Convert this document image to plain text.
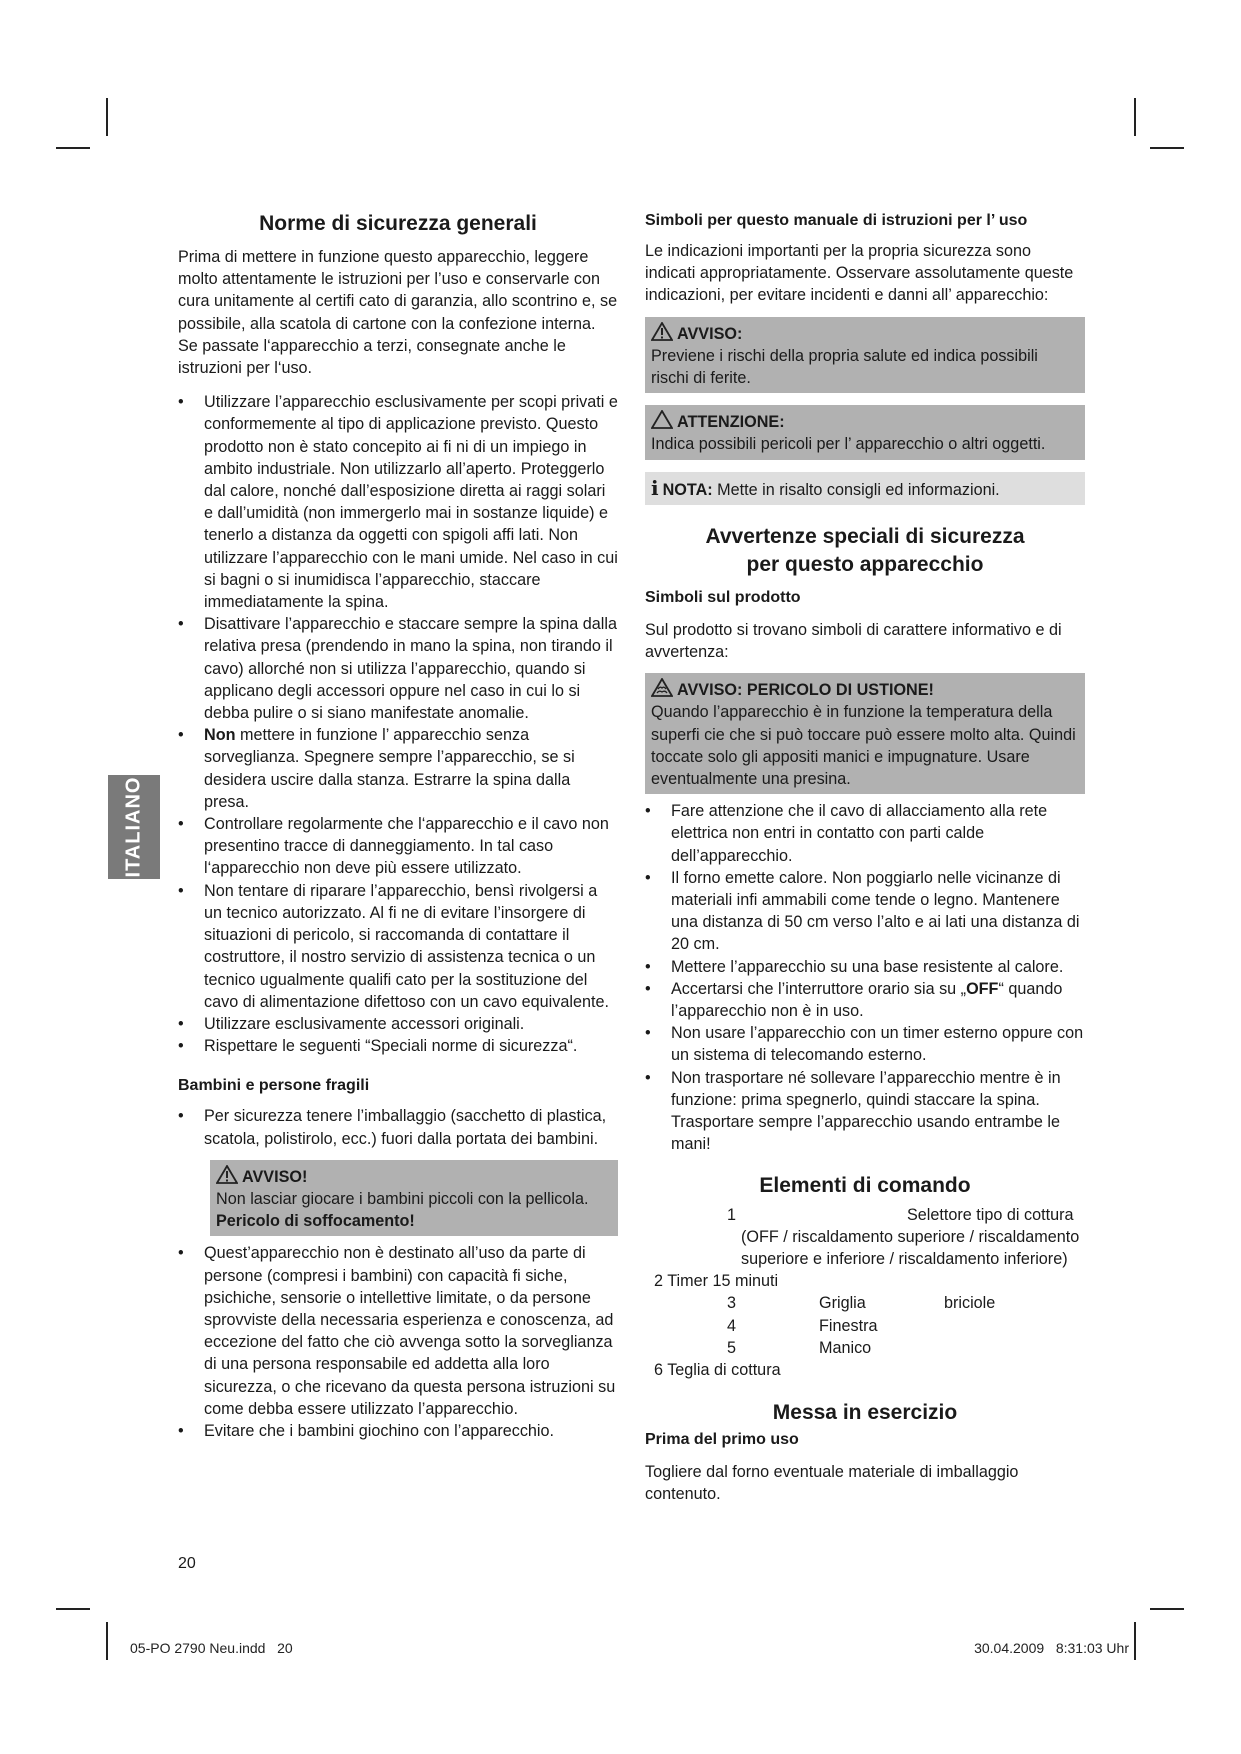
ITALIANO
Norme di sicurezza generali

Prima di mettere in funzione questo apparecchio, leggere molto attentamente le istruzioni per l’uso e conservarle con cura unitamente al certifi cato di garanzia, allo scontrino e, se possibile, alla scatola di cartone con la confezione interna. Se passate l‘apparecchio a terzi, consegnate anche le istruzioni per l‘uso.

• Utilizzare l’apparecchio esclusivamente per scopi privati e conformemente al tipo di applicazione previsto. Questo prodotto non è stato concepito ai fi ni di un impiego in ambito industriale. Non utilizzarlo all’aperto. Proteggerlo dal calore, nonché dall’esposizione diretta ai raggi solari e dall’umidità (non immergerlo mai in sostanze liquide) e tenerlo a distanza da oggetti con spigoli affi lati. Non utilizzare l’apparecchio con le mani umide. Nel caso in cui si bagni o si inumidisca l’apparecchio, staccare immediatamente la spina.
• Disattivare l’apparecchio e staccare sempre la spina dalla relativa presa (prendendo in mano la spina, non tirando il cavo) allorché non si utilizza l’apparecchio, quando si applicano degli accessori oppure nel caso in cui lo si debba pulire o si siano manifestate anomalie.
• Non mettere in funzione l’ apparecchio senza sorveglianza. Spegnere sempre l’apparecchio, se si desidera uscire dalla stanza. Estrarre la spina dalla presa.
• Controllare regolarmente che l‘apparecchio e il cavo non presentino tracce di danneggiamento. In tal caso l‘apparecchio non deve più essere utilizzato.
• Non tentare di riparare l’apparecchio, bensì rivolgersi a un tecnico autorizzato. Al fi ne di evitare l’insorgere di situazioni di pericolo, si raccomanda di contattare il costruttore, il nostro servizio di assistenza tecnica o un tecnico ugualmente qualifi cato per la sostituzione del cavo di alimentazione difettoso con un cavo equivalente.
• Utilizzare esclusivamente accessori originali.
• Rispettare le seguenti “Speciali norme di sicurezza“.
Bambini e persone fragili
• Per sicurezza tenere l’imballaggio (sacchetto di plastica, scatola, polistirolo, ecc.) fuori dalla portata dei bambini.
AVVISO!
Non lasciar giocare i bambini piccoli con la pellicola.
Pericolo di soffocamento!
• Quest’apparecchio non è destinato all’uso da parte di persone (compresi i bambini) con capacità fi siche, psichiche, sensorie o intellettive limitate, o da persone sprovviste della necessaria esperienza e conoscenza, ad eccezione del fatto che ciò avvenga sotto la sorveglianza di una persona responsabile ed addetta alla loro sicurezza, o che ricevano da questa persona istruzioni su come debba essere utilizzato l’apparecchio.
• Evitare che i bambini giochino con l’apparecchio.
Simboli per questo manuale di istruzioni per l’ uso

Le indicazioni importanti per la propria sicurezza sono indicati appropriatamente. Osservare assolutamente queste indicazioni, per evitare incidenti e danni all’ apparecchio:

AVVISO:
Previene i rischi della propria salute ed indica possibili rischi di ferite.
ATTENZIONE:
Indica possibili pericoli per l’ apparecchio o altri oggetti.
i NOTA: Mette in risalto consigli ed informazioni.
Avvertenze speciali di sicurezza
per questo apparecchio
Simboli sul prodotto

Sul prodotto si trovano simboli di carattere informativo e di avvertenza:

AVVISO: PERICOLO DI USTIONE!
Quando l’apparecchio è in funzione la temperatura della superfi cie che si può toccare può essere molto alta. Quindi toccate solo gli appositi manici e impugnature. Usare eventualmente una presina.
• Fare attenzione che il cavo di allacciamento alla rete elettrica non entri in contatto con parti calde dell’apparecchio.
• Il forno emette calore. Non poggiarlo nelle vicinanze di materiali infi ammabili come tende o legno. Mantenere una distanza di 50 cm verso l’alto e ai lati una distanza di 20 cm.
• Mettere l’apparecchio su una base resistente al calore.
• Accertarsi che l’interruttore orario sia su „OFF“ quando l’apparecchio non è in uso.
• Non usare l’apparecchio con un timer esterno oppure con un sistema di telecomando esterno.
• Non trasportare né sollevare l’apparecchio mentre è in funzione: prima spegnerlo, quindi staccare la spina. Trasportare sempre l’apparecchio usando entrambe le mani!
Elementi di comando
1	Selettore tipo di cottura
(OFF / riscaldamento superiore / riscaldamento superiore e inferiore / riscaldamento inferiore)
2 Timer 15 minuti
3	Griglia	briciole
4	Finestra
5	Manico
6 Teglia di cottura
Messa in esercizio
Prima del primo uso

Togliere dal forno eventuale materiale di imballaggio contenuto.

20
05-PO 2790 Neu.indd   20	30.04.2009   8:31:03 Uhr
